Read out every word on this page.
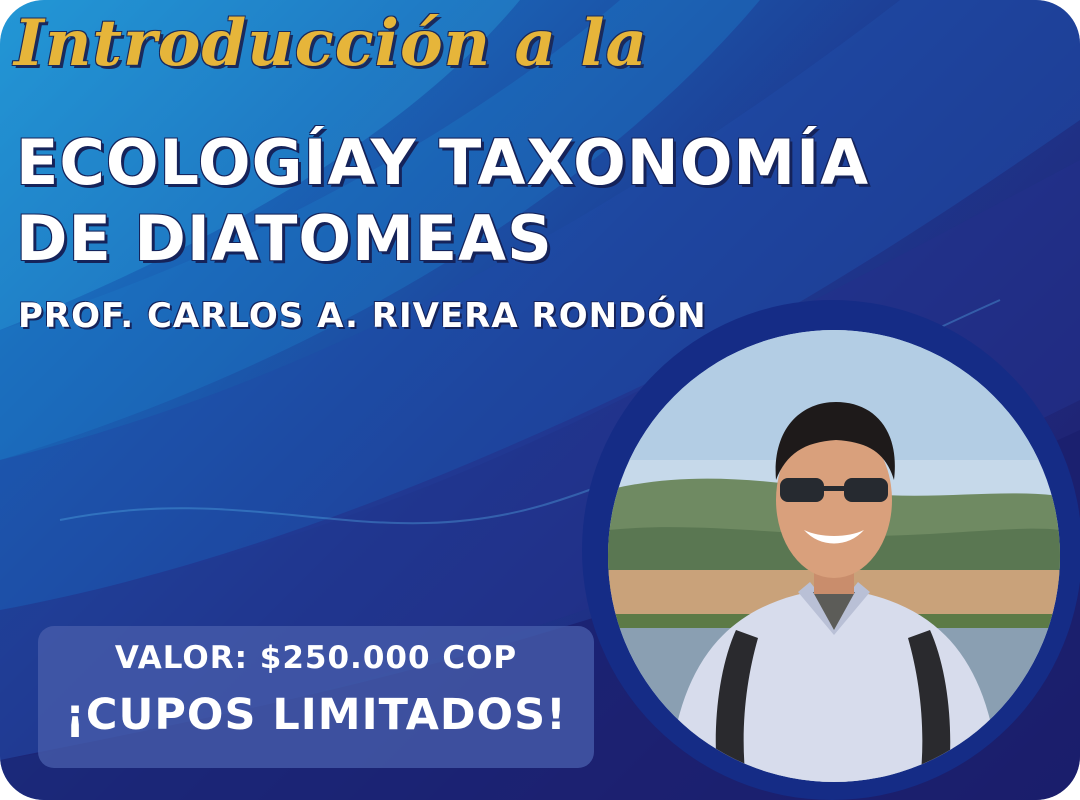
Introducción a la
ECOLOGÍAY TAXONOMÍA
DE DIATOMEAS

PROF. CARLOS A. RIVERA RONDÓN

VALOR: $250.000 COP

¡CUPOS LIMITADOS!
